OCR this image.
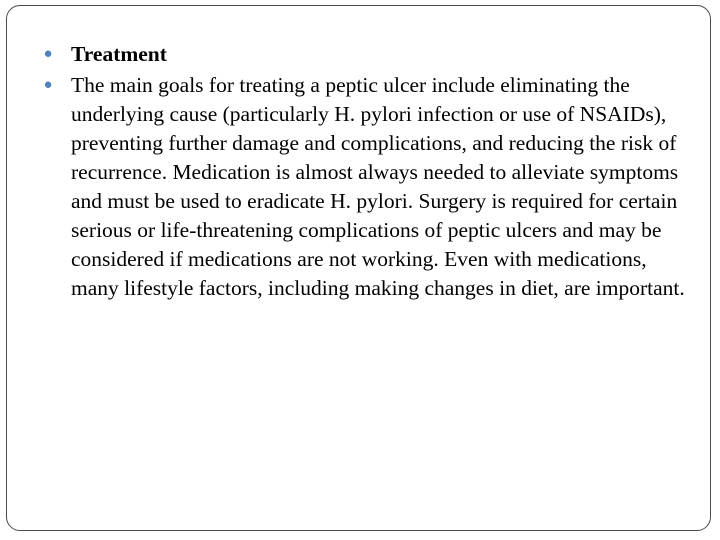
● Treatment
● The main goals for treating a peptic ulcer include eliminating the underlying cause (particularly H. pylori infection or use of NSAIDs), preventing further damage and complications, and reducing the risk of recurrence. Medication is almost always needed to alleviate symptoms and must be used to eradicate H. pylori. Surgery is required for certain serious or life-threatening complications of peptic ulcers and may be considered if medications are not working. Even with medications, many lifestyle factors, including making changes in diet, are important.
